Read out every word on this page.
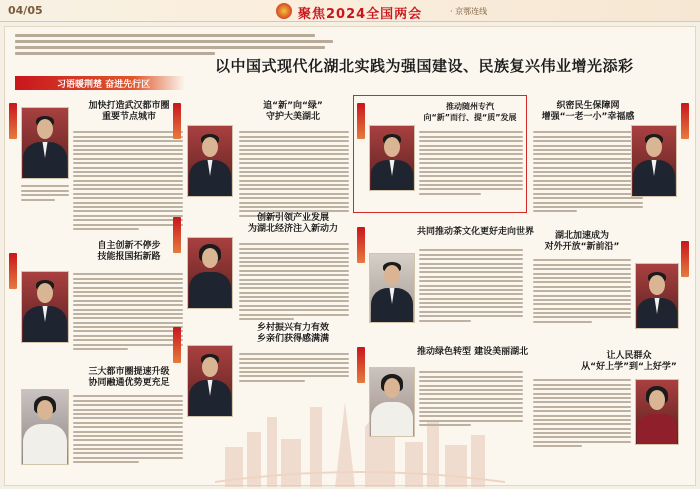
04/05	聚焦2024全国两会	· 京鄂连线
以中国式现代化湖北实践为强国建设、民族复兴伟业增光添彩
习语暖荆楚 奋进先行区
加快打造武汉都市圈
重要节点城市
自主创新不停步
技能报国拓新路
三大都市圈提速升级
协同融通优势更充足
追“新”向“绿”
守护大美湖北
创新引领产业发展
为湖北经济注入新动力
乡村振兴有力有效
乡亲们获得感满满
推动随州专汽
向“新”而行、提“质”发展
共同推动茶文化更好走向世界
推动绿色转型 建设美丽湖北
织密民生保障网
增强“一老一小”幸福感
湖北加速成为
对外开放“新前沿”
让人民群众
从“好上学”到“上好学”
